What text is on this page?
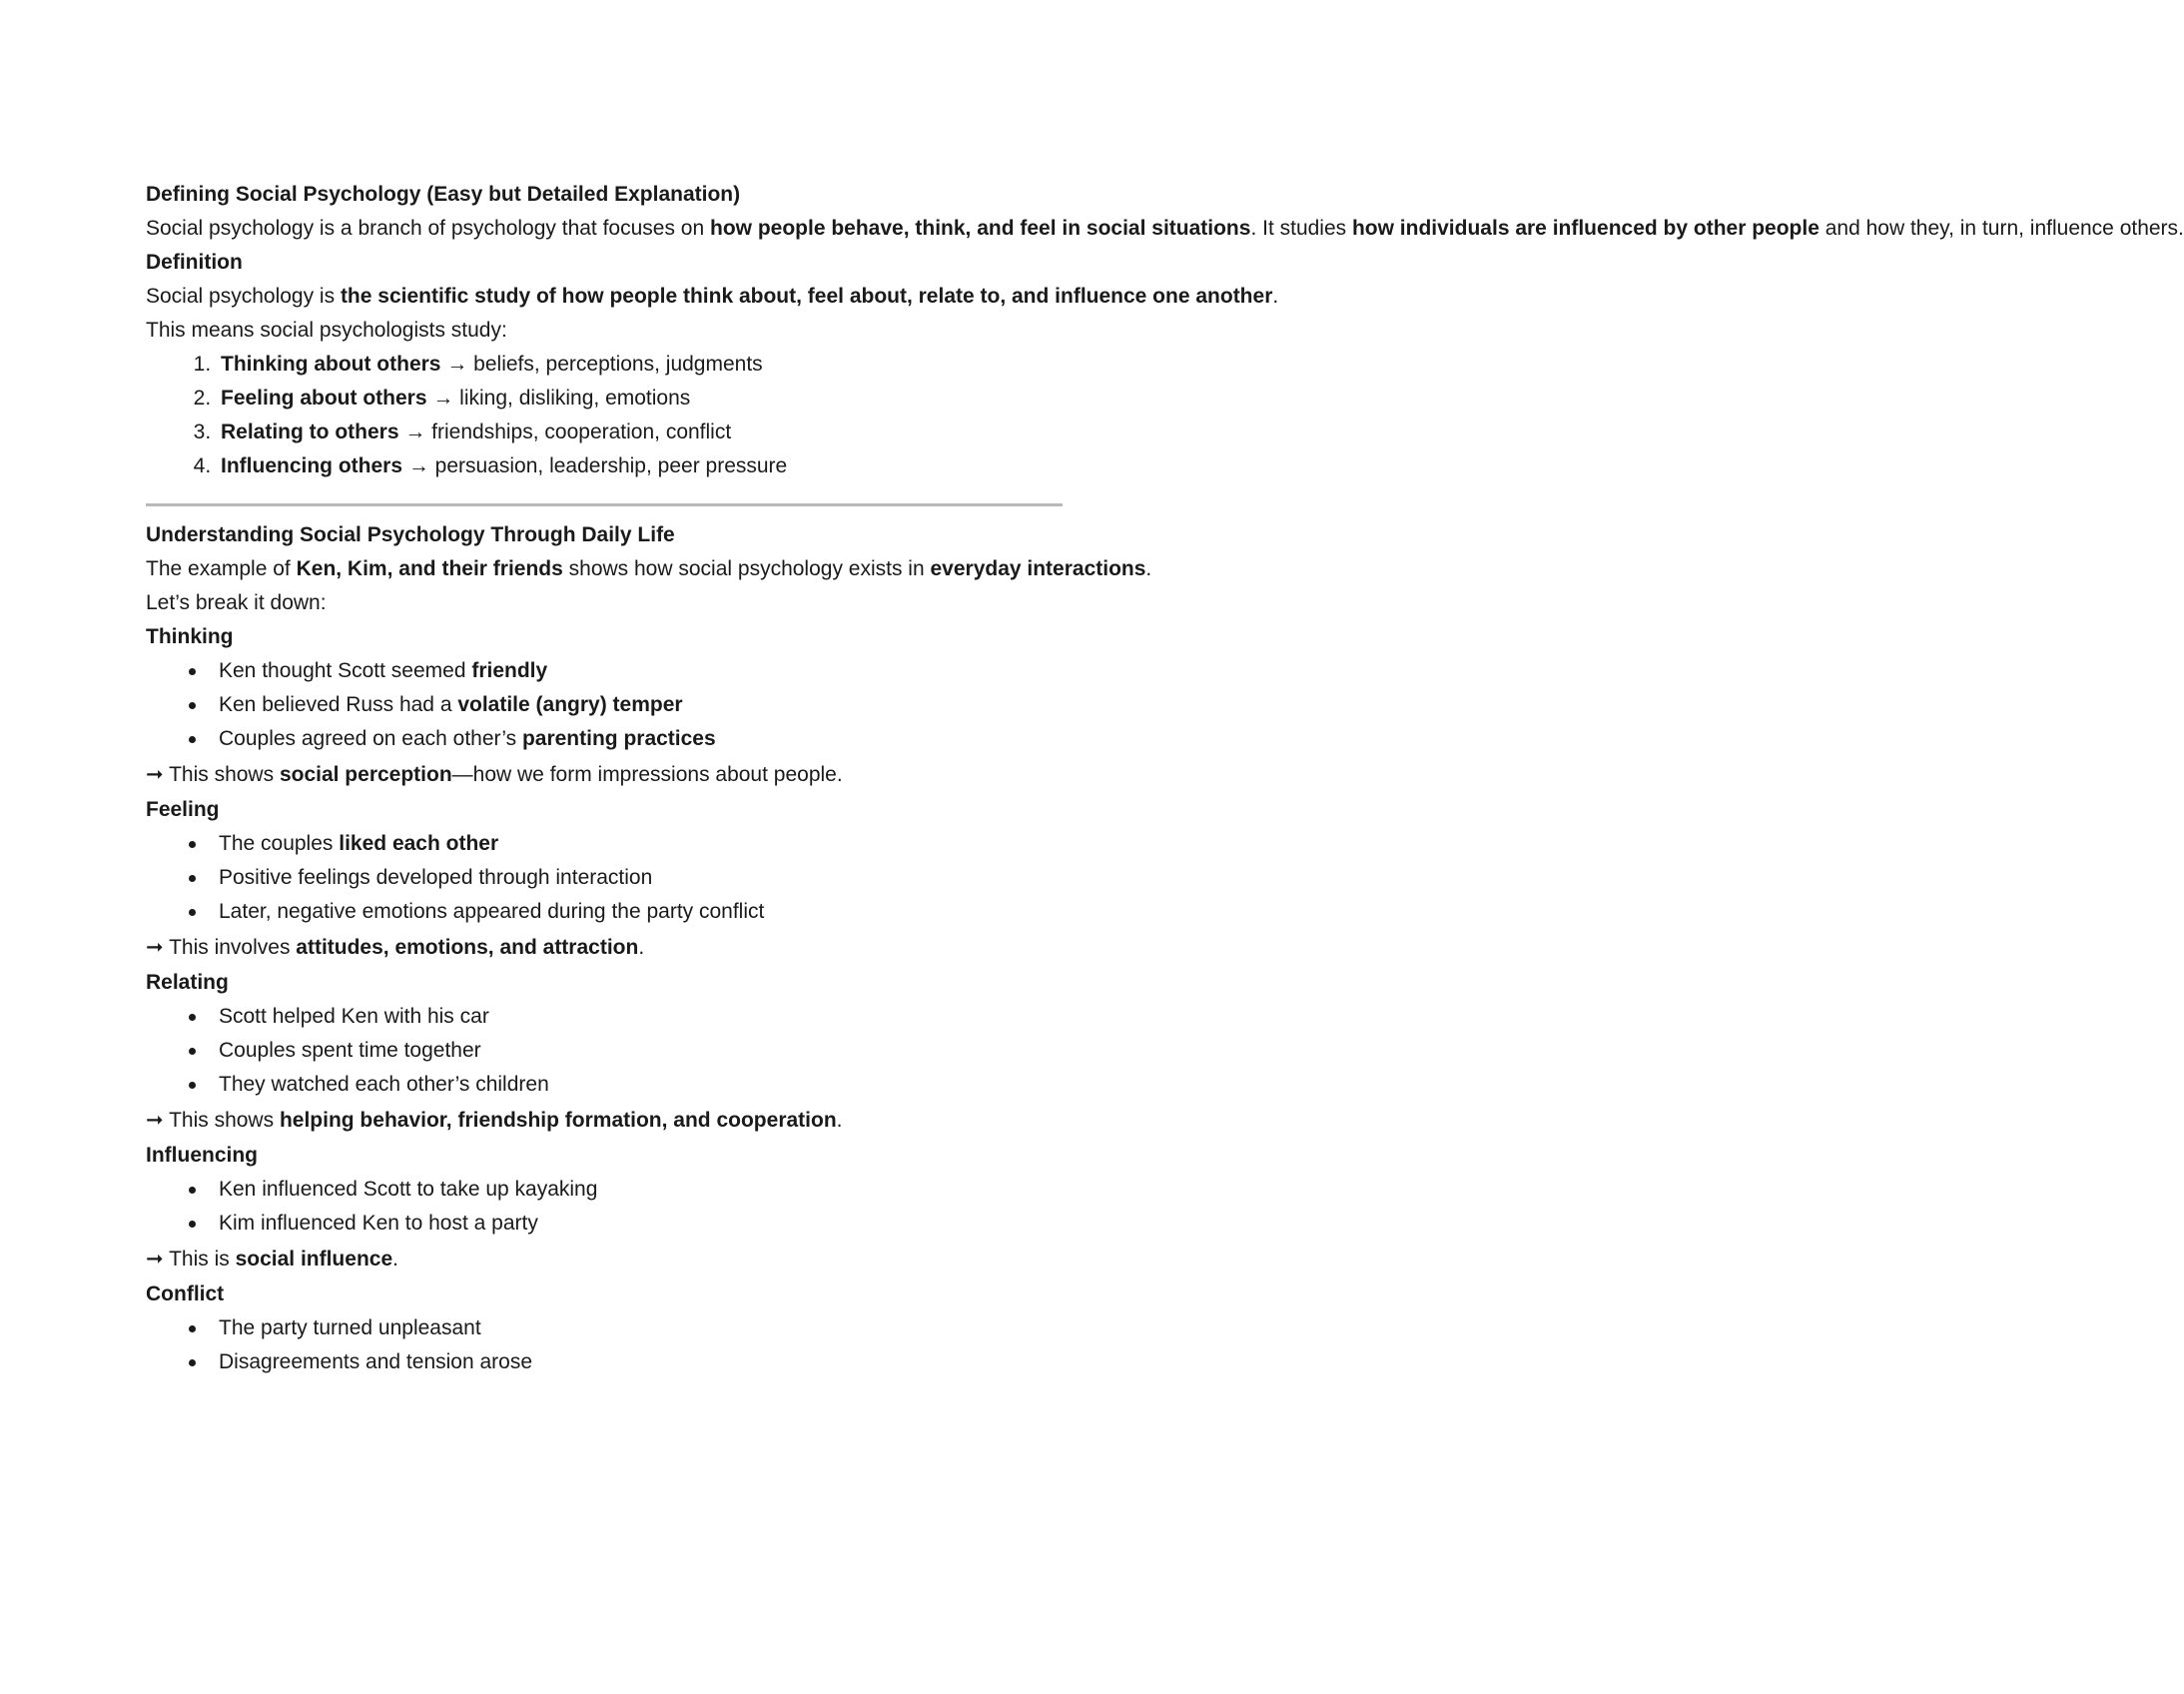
Defining Social Psychology (Easy but Detailed Explanation)

Social psychology is a branch of psychology that focuses on how people behave, think, and feel in social situations. It studies how individuals are influenced by other people and how they, in turn, influence others.

Definition

Social psychology is the scientific study of how people think about, feel about, relate to, and influence one another.

This means social psychologists study:

1. Thinking about others → beliefs, perceptions, judgments
2. Feeling about others → liking, disliking, emotions
3. Relating to others → friendships, cooperation, conflict
4. Influencing others → persuasion, leadership, peer pressure

Understanding Social Psychology Through Daily Life

The example of Ken, Kim, and their friends shows how social psychology exists in everyday interactions.

Let’s break it down:

Thinking

Ken thought Scott seemed friendly
Ken believed Russ had a volatile (angry) temper
Couples agreed on each other’s parenting practices

➞ This shows social perception—how we form impressions about people.

Feeling

The couples liked each other
Positive feelings developed through interaction
Later, negative emotions appeared during the party conflict

➞ This involves attitudes, emotions, and attraction.

Relating

Scott helped Ken with his car
Couples spent time together
They watched each other’s children

➞ This shows helping behavior, friendship formation, and cooperation.

Influencing

Ken influenced Scott to take up kayaking
Kim influenced Ken to host a party

➞ This is social influence.

Conflict

The party turned unpleasant
Disagreements and tension arose
